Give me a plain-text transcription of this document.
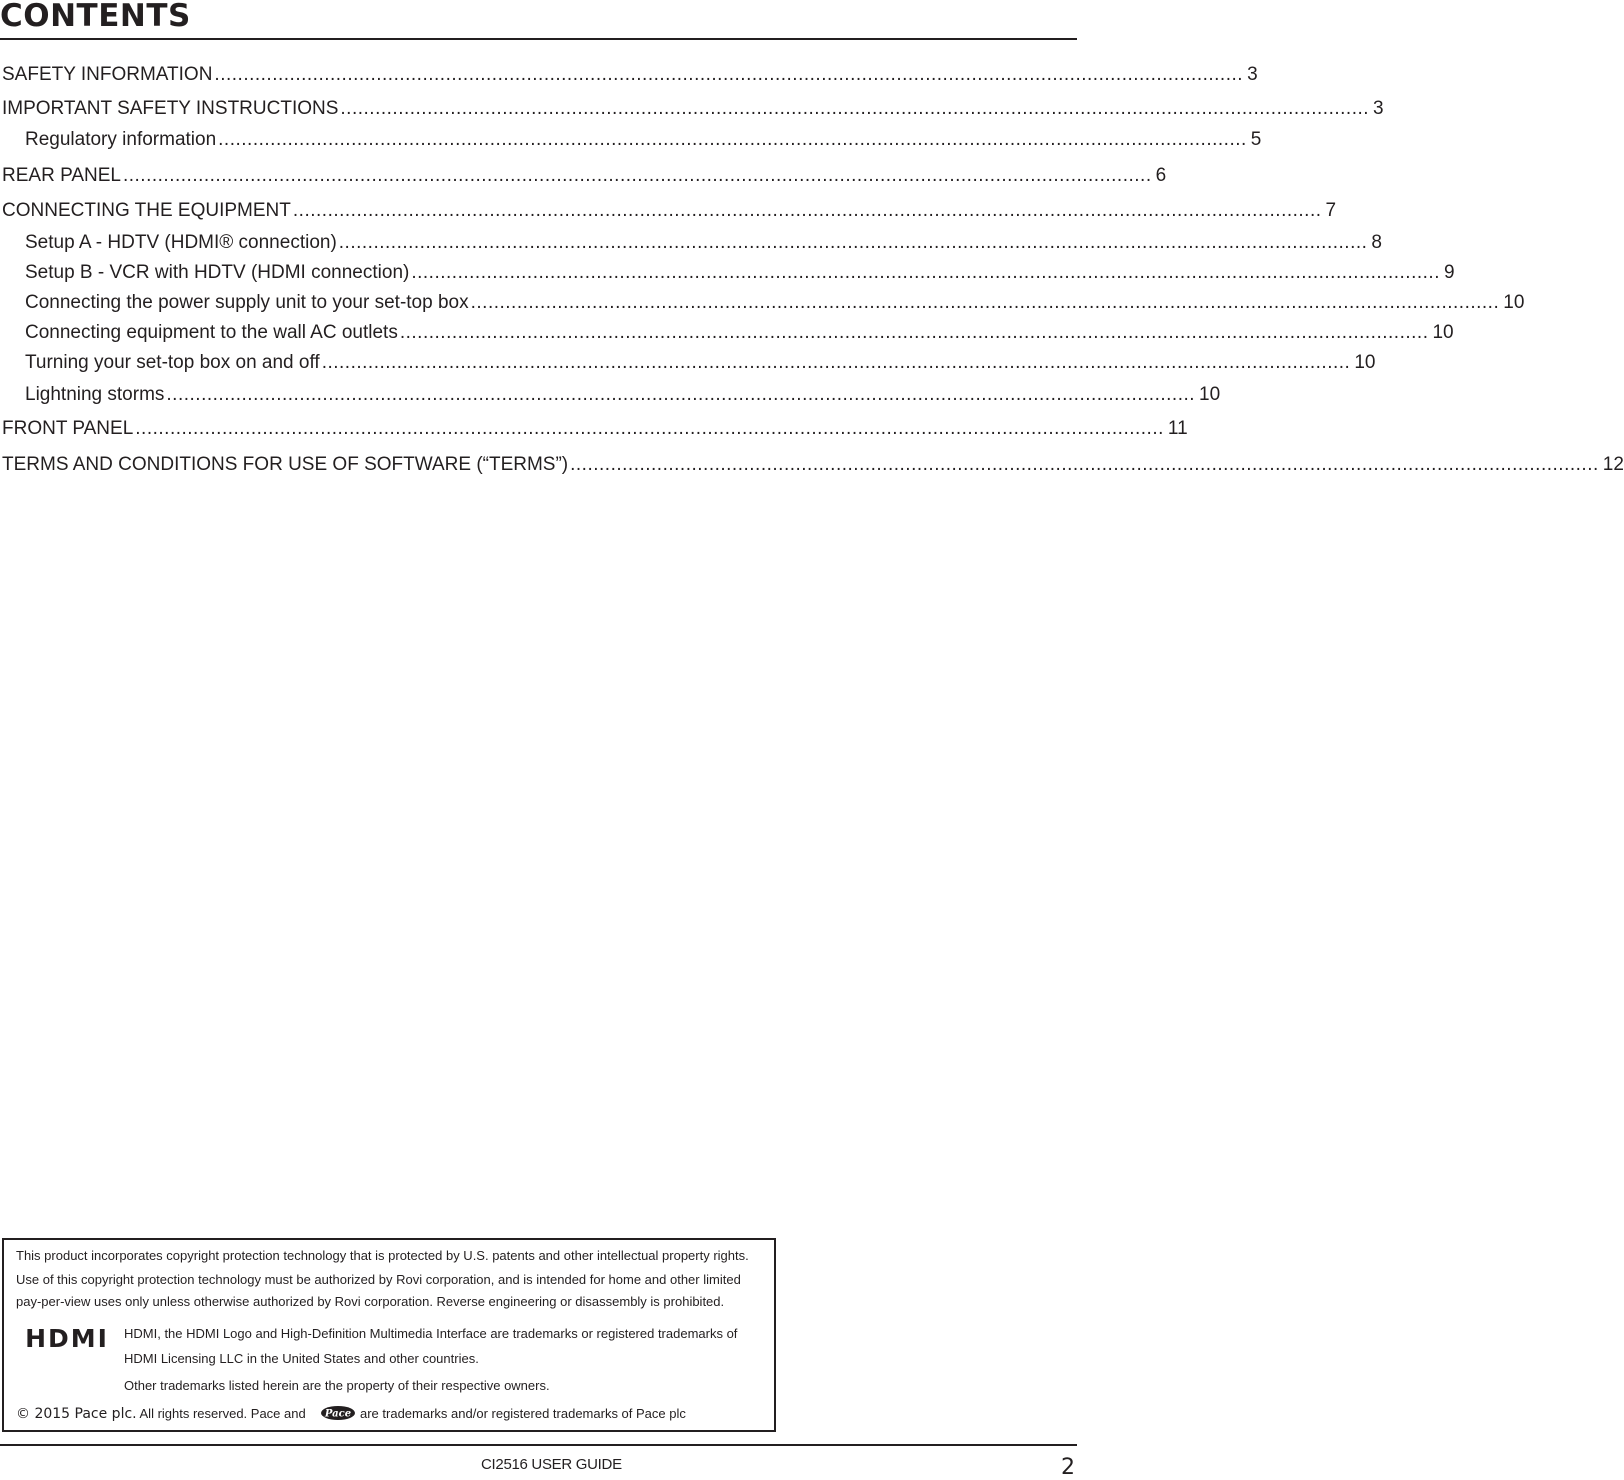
CONTENTS
SAFETY INFORMATION .................................................................................................................................................................................. 3
IMPORTANT SAFETY INSTRUCTIONS .................................................................................................................................................................................. 3
Regulatory information .................................................................................................................................................................................. 5
REAR PANEL .................................................................................................................................................................................. 6
CONNECTING THE EQUIPMENT .................................................................................................................................................................................. 7
Setup A - HDTV (HDMI® connection) .................................................................................................................................................................................. 8
Setup B - VCR with HDTV (HDMI connection) .................................................................................................................................................................................. 9
Connecting the power supply unit to your set-top box .................................................................................................................................................................................. 10
Connecting equipment to the wall AC outlets .................................................................................................................................................................................. 10
Turning your set-top box on and off .................................................................................................................................................................................. 10
Lightning storms .................................................................................................................................................................................. 10
FRONT PANEL .................................................................................................................................................................................. 11
TERMS AND CONDITIONS FOR USE OF SOFTWARE (“TERMS”) .................................................................................................................................................................................. 12
This product incorporates copyright protection technology that is protected by U.S. patents and other intellectual property rights.
Use of this copyright protection technology must be authorized by Rovi corporation, and is intended for home and other limited
pay-per-view uses only unless otherwise authorized by Rovi corporation. Reverse engineering or disassembly is prohibited.
HDMI HDMI, the HDMI Logo and High-Definition Multimedia Interface are trademarks or registered trademarks of
HDMI Licensing LLC in the United States and other countries.
Other trademarks listed herein are the property of their respective owners.
© 2015 Pace plc. All rights reserved. Pace and Pace are trademarks and/or registered trademarks of Pace plc
CI2516 USER GUIDE	2
